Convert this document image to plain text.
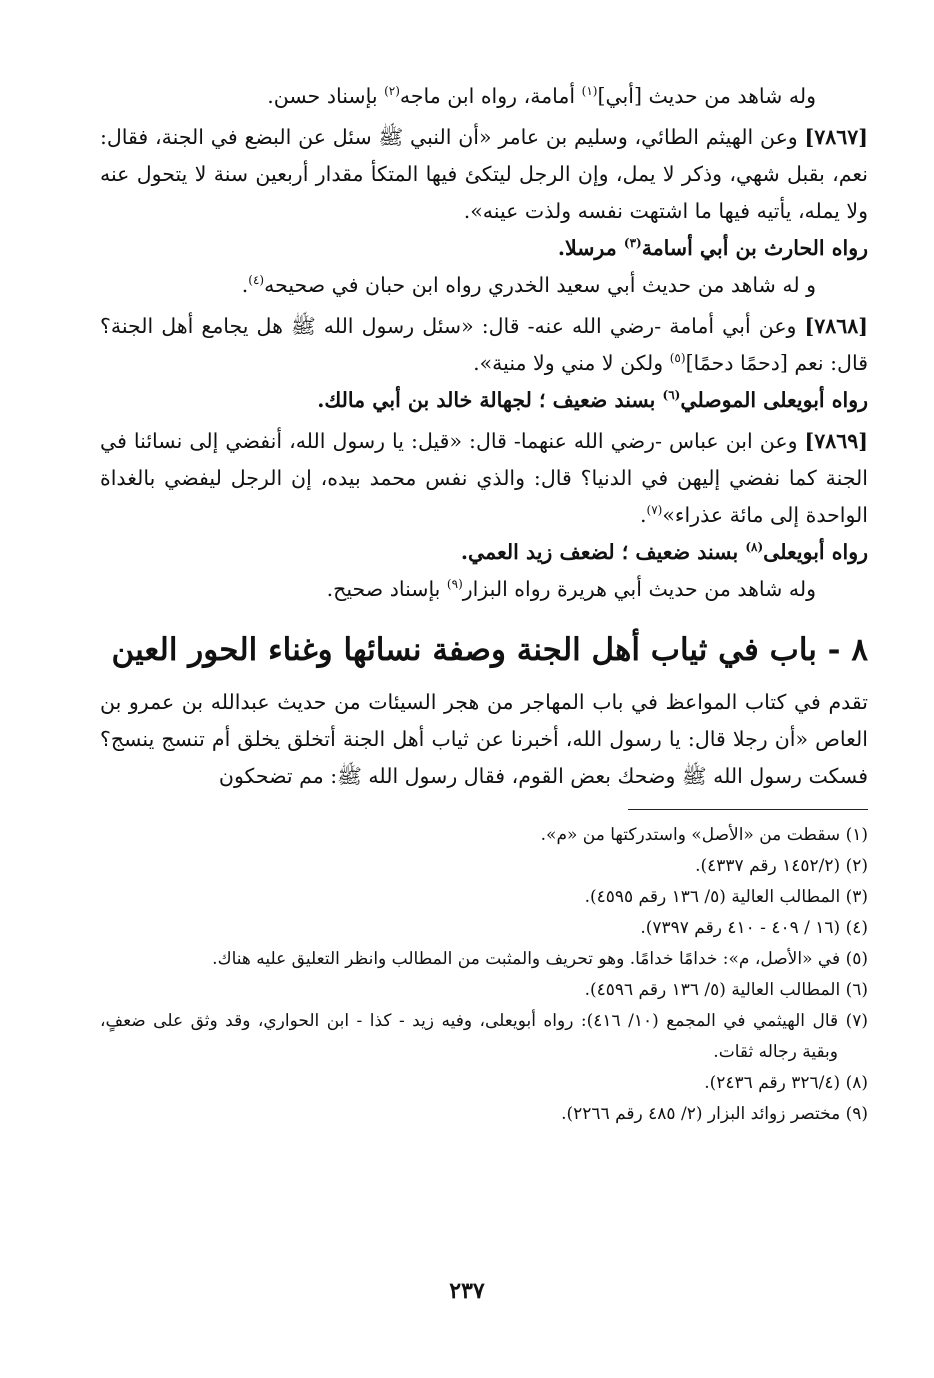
وله شاهد من حديث [أبي]$^{(١)}$ أمامة، رواه ابن ماجه$^{(٢)}$ بإسناد حسن.

[٧٨٦٧] وعن الهيثم الطائي، وسليم بن عامر «أن النبي ﷺ سئل عن البضع في الجنة، فقال: نعم، بقبل شهي، وذكر لا يمل، وإن الرجل ليتكئ فيها المتكأ مقدار أربعين سنة لا يتحول عنه ولا يمله، يأتيه فيها ما اشتهت نفسه ولذت عينه».

رواه الحارث بن أبي أسامة$^{(٣)}$ مرسلا.

و له شاهد من حديث أبي سعيد الخدري رواه ابن حبان في صحيحه$^{(٤)}$.

[٧٨٦٨] وعن أبي أمامة -رضي الله عنه- قال: «سئل رسول الله ﷺ هل يجامع أهل الجنة؟ قال: نعم [دحمًا دحمًا]$^{(٥)}$ ولكن لا مني ولا منية».

رواه أبويعلى الموصلي$^{(٦)}$ بسند ضعيف ؛ لجهالة خالد بن أبي مالك.

[٧٨٦٩] وعن ابن عباس -رضي الله عنهما- قال: «قيل: يا رسول الله، أنفضي إلى نسائنا في الجنة كما نفضي إليهن في الدنيا؟ قال: والذي نفس محمد بيده، إن الرجل ليفضي بالغداة الواحدة إلى مائة عذراء»$^{(٧)}$.

رواه أبويعلى$^{(٨)}$ بسند ضعيف ؛ لضعف زيد العمي.

وله شاهد من حديث أبي هريرة رواه البزار$^{(٩)}$ بإسناد صحيح.

٨ - باب في ثياب أهل الجنة وصفة نسائها وغناء الحور العين

تقدم في كتاب المواعظ في باب المهاجر من هجر السيئات من حديث عبدالله بن عمرو بن العاص «أن رجلا قال: يا رسول الله، أخبرنا عن ثياب أهل الجنة أتخلق يخلق أم تنسج ينسج؟ فسكت رسول الله ﷺ وضحك بعض القوم، فقال رسول الله ﷺ: مم تضحكون

(١) سقطت من «الأصل» واستدركتها من «م».

(٢) (١٤٥٢/٢ رقم ٤٣٣٧).

(٣) المطالب العالية (٥/ ١٣٦ رقم ٤٥٩٥).

(٤) (١٦ / ٤٠٩ - ٤١٠ رقم ٧٣٩٧).

(٥) في «الأصل، م»: خدامًا خدامًا. وهو تحريف والمثبت من المطالب وانظر التعليق عليه هناك.

(٦) المطالب العالية (٥/ ١٣٦ رقم ٤٥٩٦).

(٧) قال الهيثمي في المجمع (١٠/ ٤١٦): رواه أبويعلى، وفيه زيد - كذا - ابن الحواري، وقد وثق على ضعفٍ، وبقية رجاله ثقات.

(٨) (٣٢٦/٤ رقم ٢٤٣٦).

(٩) مختصر زوائد البزار (٢/ ٤٨٥ رقم ٢٢٦٦).

٢٣٧
